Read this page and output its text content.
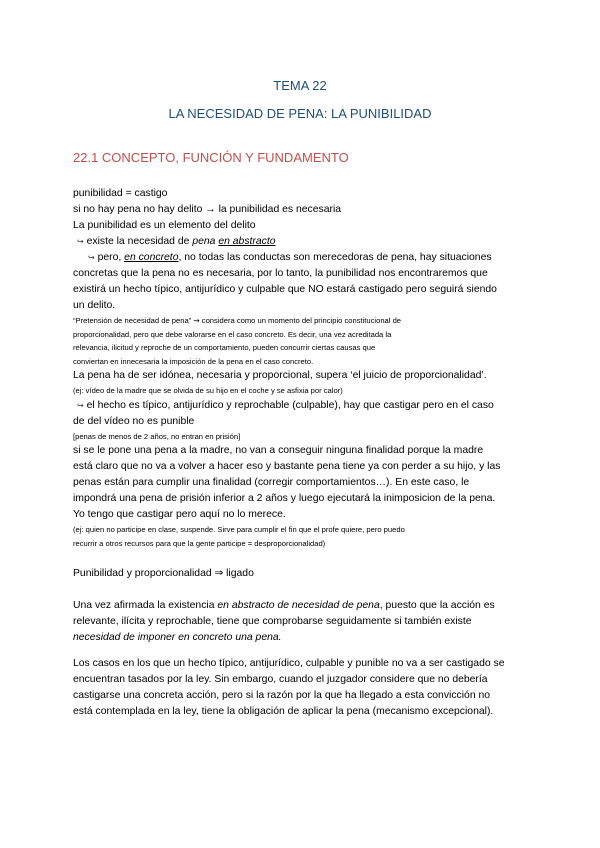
TEMA 22
LA NECESIDAD DE PENA: LA PUNIBILIDAD
22.1 CONCEPTO, FUNCIÓN Y FUNDAMENTO
punibilidad = castigo
si no hay pena no hay delito → la punibilidad es necesaria
La punibilidad es un elemento del delito
↪ existe la necesidad de pena en abstracto
↪ pero, en concreto, no todas las conductas son merecedoras de pena, hay situaciones
concretas que la pena no es necesaria, por lo tanto, la punibilidad nos encontraremos que
existirá un hecho típico, antijurídico y culpable que NO estará castigado pero seguirá siendo
un delito.
“Pretensión de necesidad de pena” ⇝ considera como un momento del principio constitucional de
proporcionalidad, pero que debe valorarse en el caso concreto. Es decir, una vez acreditada la
relevancia, ilicitud y reproche de un comportamiento, pueden concurrir ciertas causas que
conviertan en innecesaria la imposición de la pena en el caso concreto.
La pena ha de ser idónea, necesaria y proporcional, supera ‘el juicio de proporcionalidad’.
(ej: vídeo de la madre que se olvida de su hijo en el coche y se asfixia por calor)
↪ el hecho es típico, antijurídico y reprochable (culpable), hay que castigar pero en el caso
de del vídeo no es punible
[penas de menos de 2 años, no entran en prisión]
si se le pone una pena a la madre, no van a conseguir ninguna finalidad porque la madre
está claro que no va a volver a hacer eso y bastante pena tiene ya con perder a su hijo, y las
penas están para cumplir una finalidad (corregir comportamientos…). En este caso, le
impondrá una pena de prisión inferior a 2 años y luego ejecutará la inimposicion de la pena.
Yo tengo que castigar pero aquí no lo merece.
(ej: quien no participe en clase, suspende. Sirve para cumplir el fin que el profe quiere, pero puedo
recurrir a otros recursos para que la gente participe = desproporcionalidad)
Punibilidad y proporcionalidad ⇒ ligado
Una vez afirmada la existencia en abstracto de necesidad de pena, puesto que la acción es
relevante, ilícita y reprochable, tiene que comprobarse seguidamente si también existe
necesidad de imponer en concreto una pena.
Los casos en los que un hecho típico, antijurídico, culpable y punible no va a ser castigado se
encuentran tasados por la ley. Sin embargo, cuando el juzgador considere que no debería
castigarse una concreta acción, pero si la razón por la que ha llegado a esta convicción no
está contemplada en la ley, tiene la obligación de aplicar la pena (mecanismo excepcional).
